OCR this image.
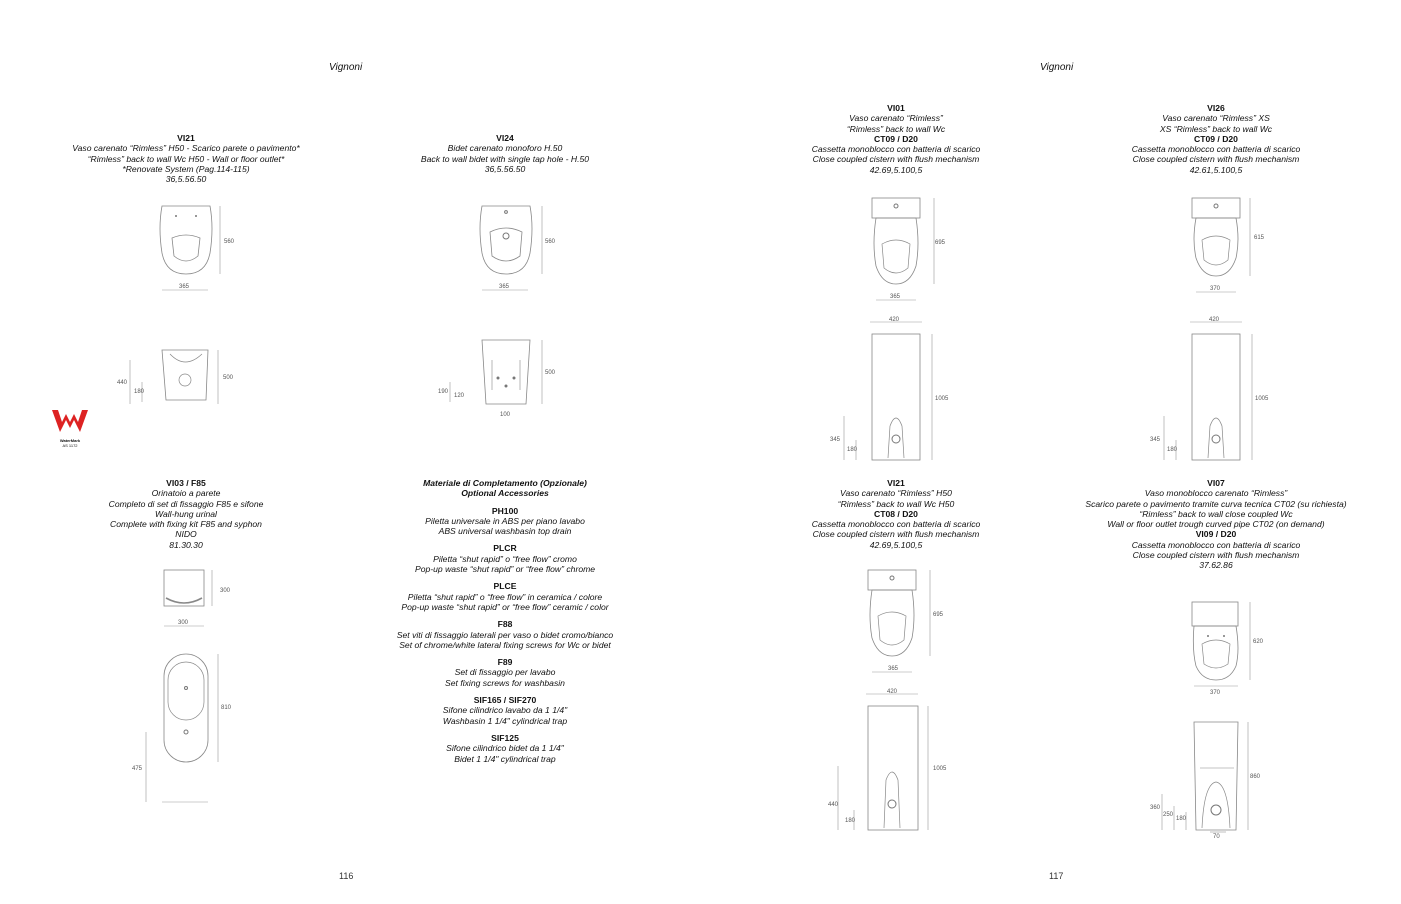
Vignoni	Vignoni
116	117
VI21
Vaso carenato “Rimless” H50 - Scarico parete o pavimento*
“Rimless” back to wall Wc H50 - Wall or floor outlet*
*Renovate System (Pag.114-115)
36,5.56.50
560
365
440
180
500
VI24
Bidet carenato monoforo H.50
Back to wall bidet with single tap hole - H.50
36,5.56.50
560
365
190
120
500
100
WaterMark
AS 1172
VI03 / F85
Orinatoio a parete
Completo di set di fissaggio F85 e sifone
Wall-hung urinal
Complete with fixing kit F85 and syphon
NIDO
81.30.30
300
300
810
475
Materiale di Completamento (Opzionale)
Optional Accessories
PH100
Piletta universale in ABS per piano lavabo
ABS universal washbasin top drain
PLCR
Piletta “shut rapid” o “free flow” cromo
Pop-up waste “shut rapid” or “free flow” chrome
PLCE
Piletta “shut rapid” o “free flow” in ceramica / colore
Pop-up waste “shut rapid” or “free flow” ceramic / color
F88
Set viti di fissaggio laterali per vaso o bidet cromo/bianco
Set of chrome/white lateral fixing screws for Wc or bidet
F89
Set di fissaggio per lavabo
Set fixing screws for washbasin
SIF165 / SIF270
Sifone cilindrico lavabo da 1 1/4"
Washbasin 1 1/4" cylindrical trap
SIF125
Sifone cilindrico bidet da 1 1/4"
Bidet 1 1/4" cylindrical trap
VI01
Vaso carenato “Rimless”
“Rimless” back to wall Wc
CT09 / D20
Cassetta monoblocco con batteria di scarico
Close coupled cistern with flush mechanism
42.69,5.100,5
695
365
420
1005
345
180
VI26
Vaso carenato “Rimless” XS
XS “Rimless” back to wall Wc
CT09 / D20
Cassetta monoblocco con batteria di scarico
Close coupled cistern with flush mechanism
42.61,5.100,5
615
370
420
1005
345
180
VI21
Vaso carenato “Rimless” H50
“Rimless” back to wall Wc H50
CT08 / D20
Cassetta monoblocco con batteria di scarico
Close coupled cistern with flush mechanism
42.69,5.100,5
695
365
420
1005
440
180
VI07
Vaso monoblocco carenato “Rimless”
Scarico parete o pavimento tramite curva tecnica CT02 (su richiesta)
“Rimless” back to wall close coupled Wc
Wall or floor outlet trough curved pipe CT02 (on demand)
VI09 / D20
Cassetta monoblocco con batteria di scarico
Close coupled cistern with flush mechanism
37.62.86
620
370
860
360
250
180
70
